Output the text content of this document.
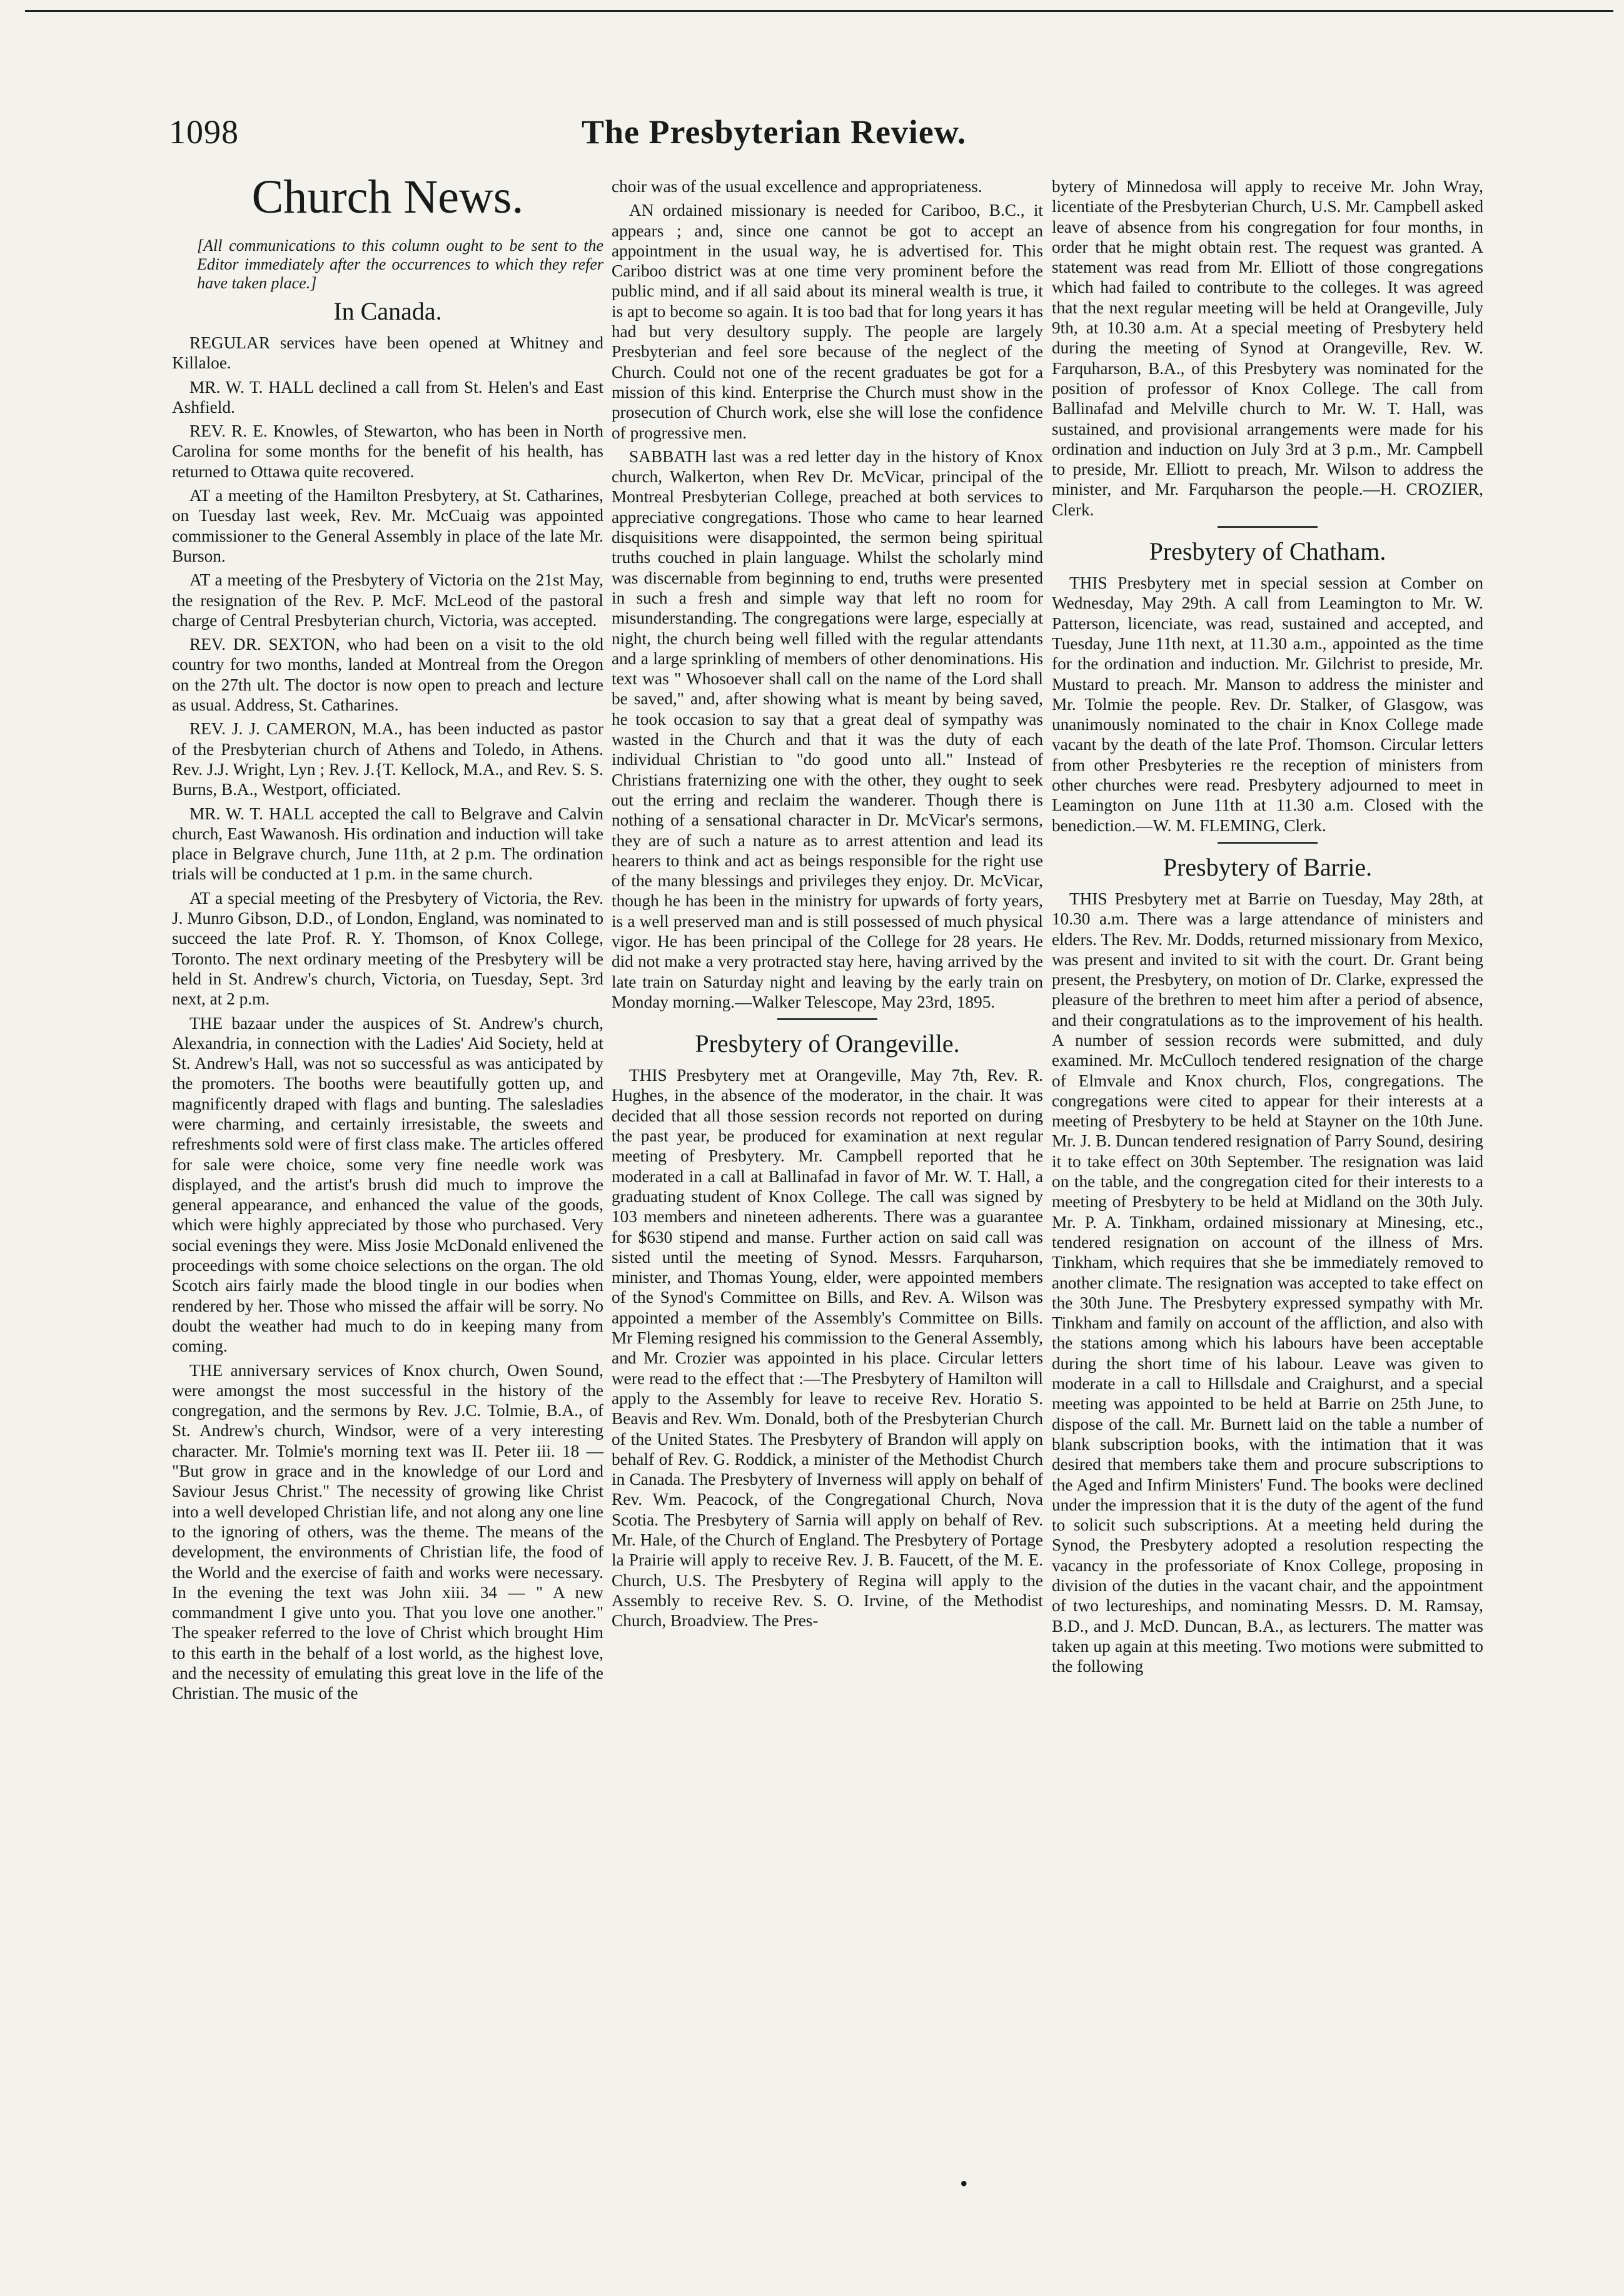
1098	The Presbyterian Review.
Church News.

[All communications to this column ought to be sent to the Editor immediately after the occurrences to which they refer have taken place.]

In Canada.

REGULAR services have been opened at Whitney and Killaloe.

MR. W. T. HALL declined a call from St. Helen's and East Ashfield.

REV. R. E. Knowles, of Stewarton, who has been in North Carolina for some months for the benefit of his health, has returned to Ottawa quite recovered.

AT a meeting of the Hamilton Presbytery, at St. Catharines, on Tuesday last week, Rev. Mr. McCuaig was appointed commissioner to the General Assembly in place of the late Mr. Burson.

AT a meeting of the Presbytery of Victoria on the 21st May, the resignation of the Rev. P. McF. McLeod of the pastoral charge of Central Presbyterian church, Victoria, was accepted.

REV. DR. SEXTON, who had been on a visit to the old country for two months, landed at Montreal from the Oregon on the 27th ult. The doctor is now open to preach and lecture as usual. Address, St. Catharines.

REV. J. J. CAMERON, M.A., has been inducted as pastor of the Presbyterian church of Athens and Toledo, in Athens. Rev. J.J. Wright, Lyn ; Rev. J.{T. Kellock, M.A., and Rev. S. S. Burns, B.A., Westport, officiated.

MR. W. T. HALL accepted the call to Belgrave and Calvin church, East Wawanosh. His ordination and induction will take place in Belgrave church, June 11th, at 2 p.m. The ordination trials will be conducted at 1 p.m. in the same church.

AT a special meeting of the Presbytery of Victoria, the Rev. J. Munro Gibson, D.D., of London, England, was nominated to succeed the late Prof. R. Y. Thomson, of Knox College, Toronto. The next ordinary meeting of the Presbytery will be held in St. Andrew's church, Victoria, on Tuesday, Sept. 3rd next, at 2 p.m.

THE bazaar under the auspices of St. Andrew's church, Alexandria, in connection with the Ladies' Aid Society, held at St. Andrew's Hall, was not so successful as was anticipated by the promoters. The booths were beautifully gotten up, and magnificently draped with flags and bunting. The salesladies were charming, and certainly irresistable, the sweets and refreshments sold were of first class make. The articles offered for sale were choice, some very fine needle work was displayed, and the artist's brush did much to improve the general appearance, and enhanced the value of the goods, which were highly appreciated by those who purchased. Very social evenings they were. Miss Josie McDonald enlivened the proceedings with some choice selections on the organ. The old Scotch airs fairly made the blood tingle in our bodies when rendered by her. Those who missed the affair will be sorry. No doubt the weather had much to do in keeping many from coming.

THE anniversary services of Knox church, Owen Sound, were amongst the most successful in the history of the congregation, and the sermons by Rev. J.C. Tolmie, B.A., of St. Andrew's church, Windsor, were of a very interesting character. Mr. Tolmie's morning text was II. Peter iii. 18 — "But grow in grace and in the knowledge of our Lord and Saviour Jesus Christ." The necessity of growing like Christ into a well developed Christian life, and not along any one line to the ignoring of others, was the theme. The means of the development, the environments of Christian life, the food of the World and the exercise of faith and works were necessary. In the evening the text was John xiii. 34 — " A new commandment I give unto you. That you love one another." The speaker referred to the love of Christ which brought Him to this earth in the behalf of a lost world, as the highest love, and the necessity of emulating this great love in the life of the Christian. The music of the

choir was of the usual excellence and appropriateness.

AN ordained missionary is needed for Cariboo, B.C., it appears ; and, since one cannot be got to accept an appointment in the usual way, he is advertised for. This Cariboo district was at one time very prominent before the public mind, and if all said about its mineral wealth is true, it is apt to become so again. It is too bad that for long years it has had but very desultory supply. The people are largely Presbyterian and feel sore because of the neglect of the Church. Could not one of the recent graduates be got for a mission of this kind. Enterprise the Church must show in the prosecution of Church work, else she will lose the confidence of progressive men.

SABBATH last was a red letter day in the history of Knox church, Walkerton, when Rev Dr. McVicar, principal of the Montreal Presbyterian College, preached at both services to appreciative congregations. Those who came to hear learned disquisitions were disappointed, the sermon being spiritual truths couched in plain language. Whilst the scholarly mind was discernable from beginning to end, truths were presented in such a fresh and simple way that left no room for misunderstanding. The congregations were large, especially at night, the church being well filled with the regular attendants and a large sprinkling of members of other denominations. His text was " Whosoever shall call on the name of the Lord shall be saved," and, after showing what is meant by being saved, he took occasion to say that a great deal of sympathy was wasted in the Church and that it was the duty of each individual Christian to "do good unto all." Instead of Christians fraternizing one with the other, they ought to seek out the erring and reclaim the wanderer. Though there is nothing of a sensational character in Dr. McVicar's sermons, they are of such a nature as to arrest attention and lead its hearers to think and act as beings responsible for the right use of the many blessings and privileges they enjoy. Dr. McVicar, though he has been in the ministry for upwards of forty years, is a well preserved man and is still possessed of much physical vigor. He has been principal of the College for 28 years. He did not make a very protracted stay here, having arrived by the late train on Saturday night and leaving by the early train on Monday morning.—Walker Telescope, May 23rd, 1895.

Presbytery of Orangeville.

THIS Presbytery met at Orangeville, May 7th, Rev. R. Hughes, in the absence of the moderator, in the chair. It was decided that all those session records not reported on during the past year, be produced for examination at next regular meeting of Presbytery. Mr. Campbell reported that he moderated in a call at Ballinafad in favor of Mr. W. T. Hall, a graduating student of Knox College. The call was signed by 103 members and nineteen adherents. There was a guarantee for $630 stipend and manse. Further action on said call was sisted until the meeting of Synod. Messrs. Farquharson, minister, and Thomas Young, elder, were appointed members of the Synod's Committee on Bills, and Rev. A. Wilson was appointed a member of the Assembly's Committee on Bills. Mr Fleming resigned his commission to the General Assembly, and Mr. Crozier was appointed in his place. Circular letters were read to the effect that :—The Presbytery of Hamilton will apply to the Assembly for leave to receive Rev. Horatio S. Beavis and Rev. Wm. Donald, both of the Presbyterian Church of the United States. The Presbytery of Brandon will apply on behalf of Rev. G. Roddick, a minister of the Methodist Church in Canada. The Presbytery of Inverness will apply on behalf of Rev. Wm. Peacock, of the Congregational Church, Nova Scotia. The Presbytery of Sarnia will apply on behalf of Rev. Mr. Hale, of the Church of England. The Presbytery of Portage la Prairie will apply to receive Rev. J. B. Faucett, of the M. E. Church, U.S. The Presbytery of Regina will apply to the Assembly to receive Rev. S. O. Irvine, of the Methodist Church, Broadview. The Pres-

bytery of Minnedosa will apply to receive Mr. John Wray, licentiate of the Presbyterian Church, U.S. Mr. Campbell asked leave of absence from his congregation for four months, in order that he might obtain rest. The request was granted. A statement was read from Mr. Elliott of those congregations which had failed to contribute to the colleges. It was agreed that the next regular meeting will be held at Orangeville, July 9th, at 10.30 a.m. At a special meeting of Presbytery held during the meeting of Synod at Orangeville, Rev. W. Farquharson, B.A., of this Presbytery was nominated for the position of professor of Knox College. The call from Ballinafad and Melville church to Mr. W. T. Hall, was sustained, and provisional arrangements were made for his ordination and induction on July 3rd at 3 p.m., Mr. Campbell to preside, Mr. Elliott to preach, Mr. Wilson to address the minister, and Mr. Farquharson the people.—H. CROZIER, Clerk.

Presbytery of Chatham.

THIS Presbytery met in special session at Comber on Wednesday, May 29th. A call from Leamington to Mr. W. Patterson, licenciate, was read, sustained and accepted, and Tuesday, June 11th next, at 11.30 a.m., appointed as the time for the ordination and induction. Mr. Gilchrist to preside, Mr. Mustard to preach. Mr. Manson to address the minister and Mr. Tolmie the people. Rev. Dr. Stalker, of Glasgow, was unanimously nominated to the chair in Knox College made vacant by the death of the late Prof. Thomson. Circular letters from other Presbyteries re the reception of ministers from other churches were read. Presbytery adjourned to meet in Leamington on June 11th at 11.30 a.m. Closed with the benediction.—W. M. FLEMING, Clerk.

Presbytery of Barrie.

THIS Presbytery met at Barrie on Tuesday, May 28th, at 10.30 a.m. There was a large attendance of ministers and elders. The Rev. Mr. Dodds, returned missionary from Mexico, was present and invited to sit with the court. Dr. Grant being present, the Presbytery, on motion of Dr. Clarke, expressed the pleasure of the brethren to meet him after a period of absence, and their congratulations as to the improvement of his health. A number of session records were submitted, and duly examined. Mr. McCulloch tendered resignation of the charge of Elmvale and Knox church, Flos, congregations. The congregations were cited to appear for their interests at a meeting of Presbytery to be held at Stayner on the 10th June. Mr. J. B. Duncan tendered resignation of Parry Sound, desiring it to take effect on 30th September. The resignation was laid on the table, and the congregation cited for their interests to a meeting of Presbytery to be held at Midland on the 30th July. Mr. P. A. Tinkham, ordained missionary at Minesing, etc., tendered resignation on account of the illness of Mrs. Tinkham, which requires that she be immediately removed to another climate. The resignation was accepted to take effect on the 30th June. The Presbytery expressed sympathy with Mr. Tinkham and family on account of the affliction, and also with the stations among which his labours have been acceptable during the short time of his labour. Leave was given to moderate in a call to Hillsdale and Craighurst, and a special meeting was appointed to be held at Barrie on 25th June, to dispose of the call. Mr. Burnett laid on the table a number of blank subscription books, with the intimation that it was desired that members take them and procure subscriptions to the Aged and Infirm Ministers' Fund. The books were declined under the impression that it is the duty of the agent of the fund to solicit such subscriptions. At a meeting held during the Synod, the Presbytery adopted a resolution respecting the vacancy in the professoriate of Knox College, proposing in division of the duties in the vacant chair, and the appointment of two lectureships, and nominating Messrs. D. M. Ramsay, B.D., and J. McD. Duncan, B.A., as lecturers. The matter was taken up again at this meeting. Two motions were submitted to the following

•
